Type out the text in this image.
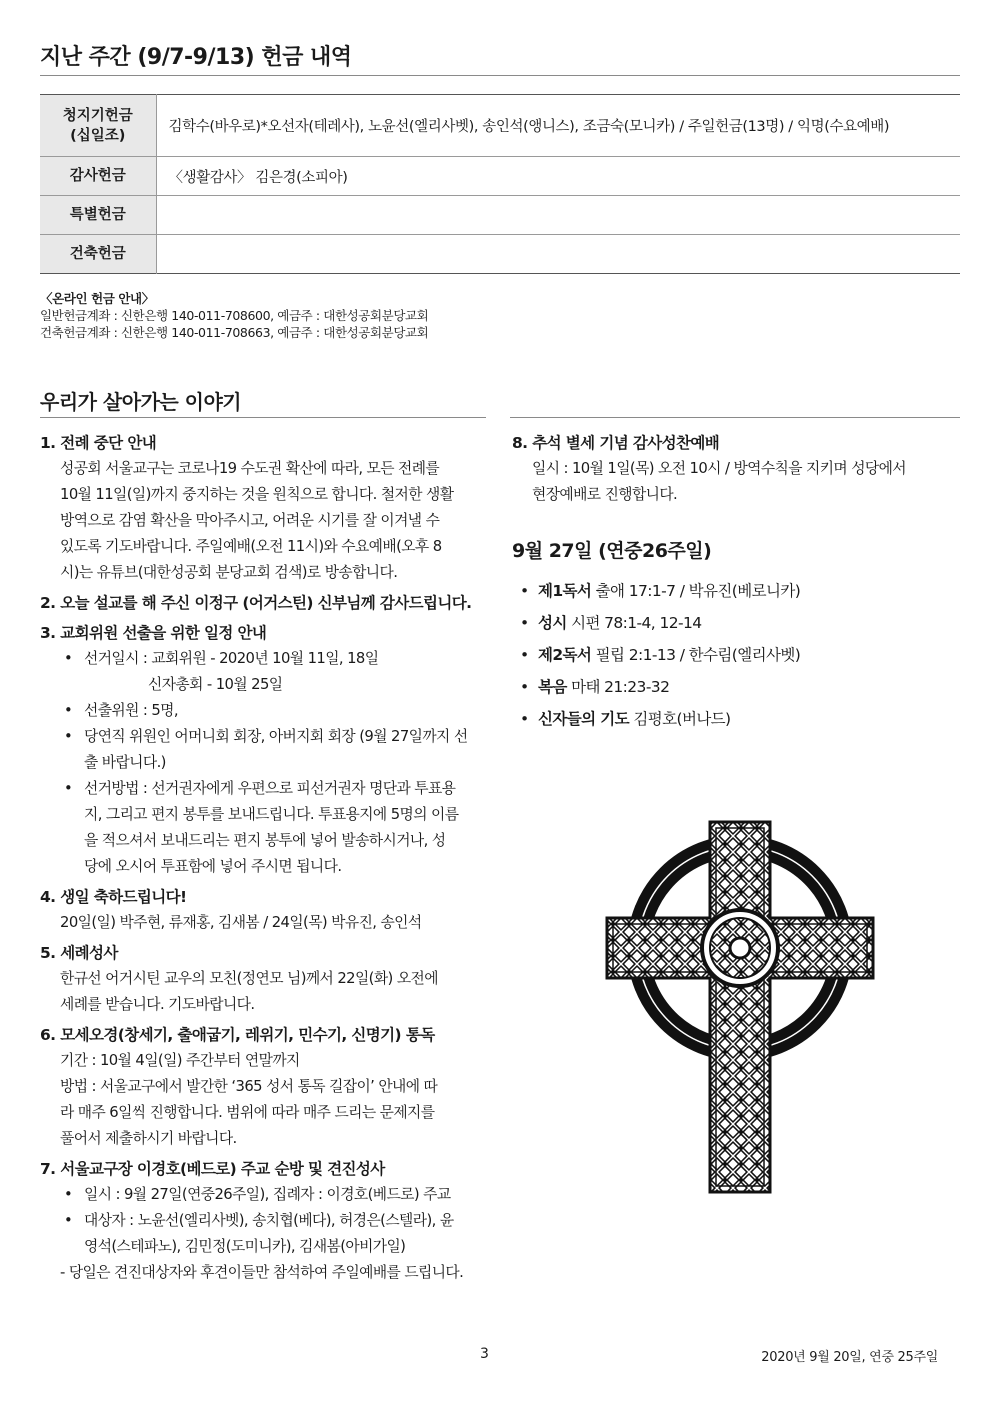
지난 주간 (9/7-9/13) 헌금 내역
청지기헌금
(십일조)	김학수(바우로)*오선자(테레사), 노윤선(엘리사벳), 송인석(앵니스), 조금숙(모니카) / 주일헌금(13명) / 익명(수요예배)
감사헌금	〈생활감사〉 김은경(소피아)
특별헌금	
건축헌금	
〈온라인 헌금 안내〉
일반헌금계좌 : 신한은행 140-011-708600, 예금주 : 대한성공회분당교회
건축헌금계좌 : 신한은행 140-011-708663, 예금주 : 대한성공회분당교회
우리가 살아가는 이야기
1. 전례 중단 안내
성공회 서울교구는 코로나19 수도권 확산에 따라, 모든 전례를
10월 11일(일)까지 중지하는 것을 원칙으로 합니다. 철저한 생활
방역으로 감염 확산을 막아주시고, 어려운 시기를 잘 이겨낼 수
있도록 기도바랍니다. 주일예배(오전 11시)와 수요예배(오후 8
시)는 유튜브(대한성공회 분당교회 검색)로 방송합니다.
2. 오늘 설교를 해 주신 이정구 (어거스틴) 신부님께 감사드립니다.
3. 교회위원 선출을 위한 일정 안내
• 선거일시 : 교회위원 - 2020년 10월 11일, 18일
신자총회 - 10월 25일
• 선출위원 : 5명,
• 당연직 위원인 어머니회 회장, 아버지회 회장 (9월 27일까지 선
출 바랍니다.)
• 선거방법 : 선거권자에게 우편으로 피선거권자 명단과 투표용
지, 그리고 편지 봉투를 보내드립니다. 투표용지에 5명의 이름
을 적으셔서 보내드리는 편지 봉투에 넣어 발송하시거나, 성
당에 오시어 투표함에 넣어 주시면 됩니다.
4. 생일 축하드립니다!
20일(일) 박주현, 류재홍, 김새봄 / 24일(목) 박유진, 송인석
5. 세례성사
한규선 어거시틴 교우의 모친(정연모 님)께서 22일(화) 오전에
세례를 받습니다. 기도바랍니다.
6. 모세오경(창세기, 출애굽기, 레위기, 민수기, 신명기) 통독
기간 : 10월 4일(일) 주간부터 연말까지
방법 : 서울교구에서 발간한 ‘365 성서 통독 길잡이’ 안내에 따
라 매주 6일씩 진행합니다. 범위에 따라 매주 드리는 문제지를
풀어서 제출하시기 바랍니다.
7. 서울교구장 이경호(베드로) 주교 순방 및 견진성사
• 일시 : 9월 27일(연중26주일), 집례자 : 이경호(베드로) 주교
• 대상자 : 노윤선(엘리사벳), 송치협(베다), 허경은(스텔라), 윤
영석(스테파노), 김민정(도미니카), 김새봄(아비가일)
- 당일은 견진대상자와 후견이들만 참석하여 주일예배를 드립니다.
8. 추석 별세 기념 감사성찬예배
일시 : 10월 1일(목) 오전 10시 / 방역수칙을 지키며 성당에서
현장예배로 진행합니다.
9월 27일 (연중26주일)
• 제1독서 출애 17:1-7 / 박유진(베로니카)
• 성시 시편 78:1-4, 12-14
• 제2독서 필립 2:1-13 / 한수림(엘리사벳)
• 복음 마태 21:23-32
• 신자들의 기도 김평호(버나드)
3	2020년 9월 20일, 연중 25주일
